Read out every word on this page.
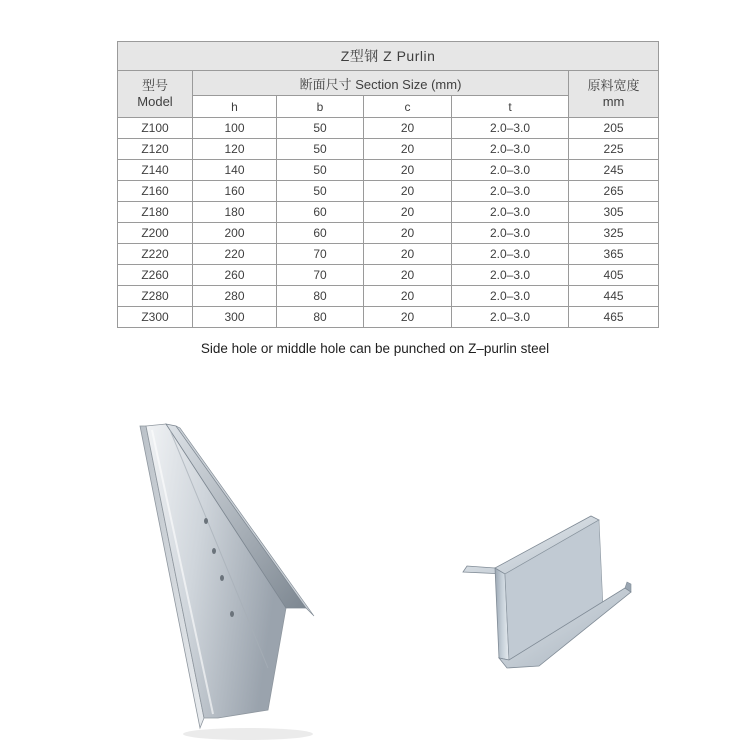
Z型钢 Z Purlin					
型号
Model	断面尺寸 Section Size (mm)				原料宽度
mm
	h	b	c	t	
Z100	100	50	20	2.0–3.0	205
Z120	120	50	20	2.0–3.0	225
Z140	140	50	20	2.0–3.0	245
Z160	160	50	20	2.0–3.0	265
Z180	180	60	20	2.0–3.0	305
Z200	200	60	20	2.0–3.0	325
Z220	220	70	20	2.0–3.0	365
Z260	260	70	20	2.0–3.0	405
Z280	280	80	20	2.0–3.0	445
Z300	300	80	20	2.0–3.0	465
Side hole or middle hole can be punched on Z–purlin steel
